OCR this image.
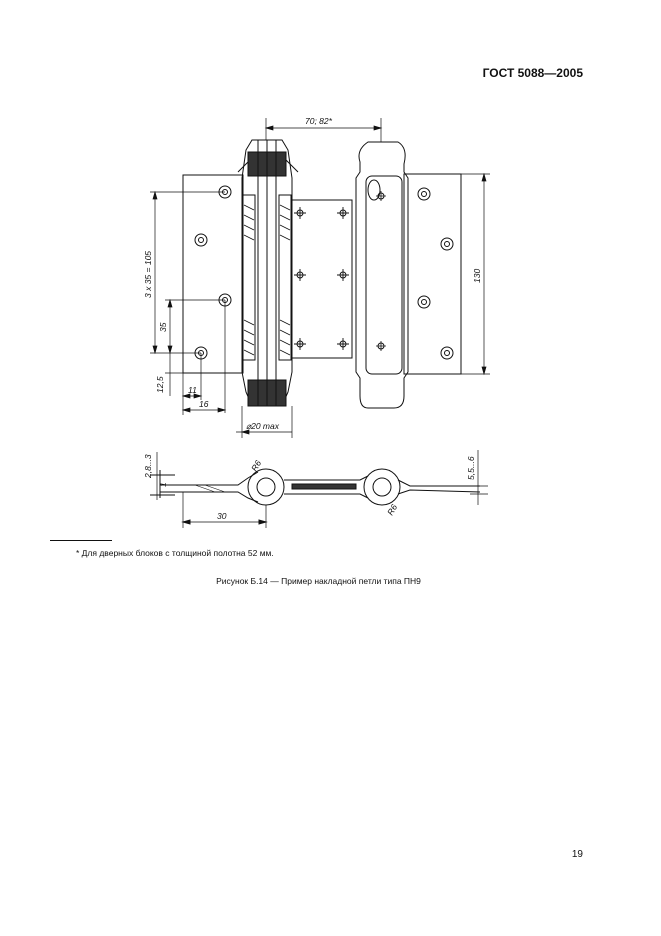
ГОСТ 5088—2005
70; 82*
130
3 x 35 = 105
35
12,5	11
16
⌀20 max
2,8...3
1
5,5...6
30
R6
R6
* Для дверных блоков с толщиной полотна 52 мм.
Рисунок Б.14 — Пример накладной петли типа ПН9
19
